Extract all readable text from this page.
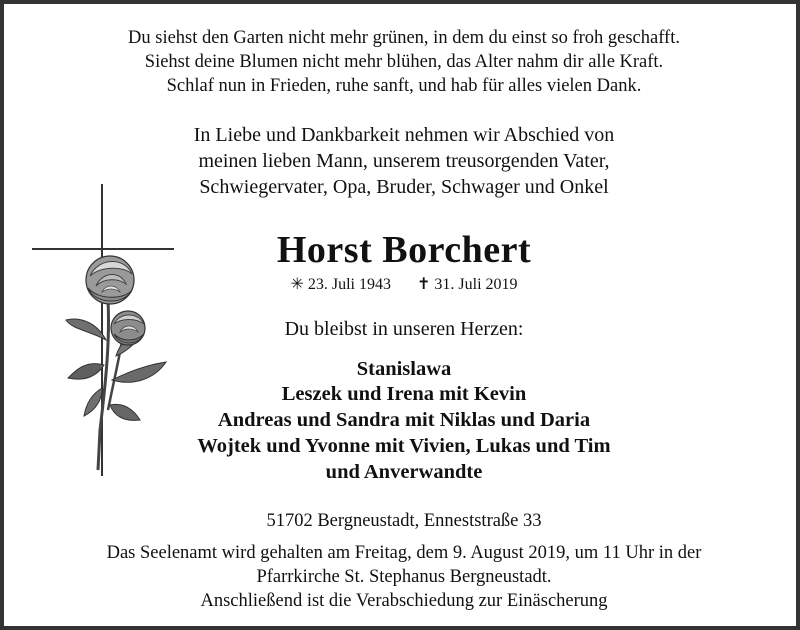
Du siehst den Garten nicht mehr grünen, in dem du einst so froh geschafft.
Siehst deine Blumen nicht mehr blühen, das Alter nahm dir alle Kraft.
Schlaf nun in Frieden, ruhe sanft, und hab für alles vielen Dank.
In Liebe und Dankbarkeit nehmen wir Abschied von
meinen lieben Mann, unserem treusorgenden Vater,
Schwiegervater, Opa, Bruder, Schwager und Onkel
Horst Borchert
✳ 23. Juli 1943 ✝ 31. Juli 2019
Du bleibst in unseren Herzen:
Stanislawa
Leszek und Irena mit Kevin
Andreas und Sandra mit Niklas und Daria
Wojtek und Yvonne mit Vivien, Lukas und Tim
und Anverwandte
51702 Bergneustadt, Enneststraße 33
Das Seelenamt wird gehalten am Freitag, dem 9. August 2019, um 11 Uhr in der
Pfarrkirche St. Stephanus Bergneustadt.
Anschließend ist die Verabschiedung zur Einäscherung
